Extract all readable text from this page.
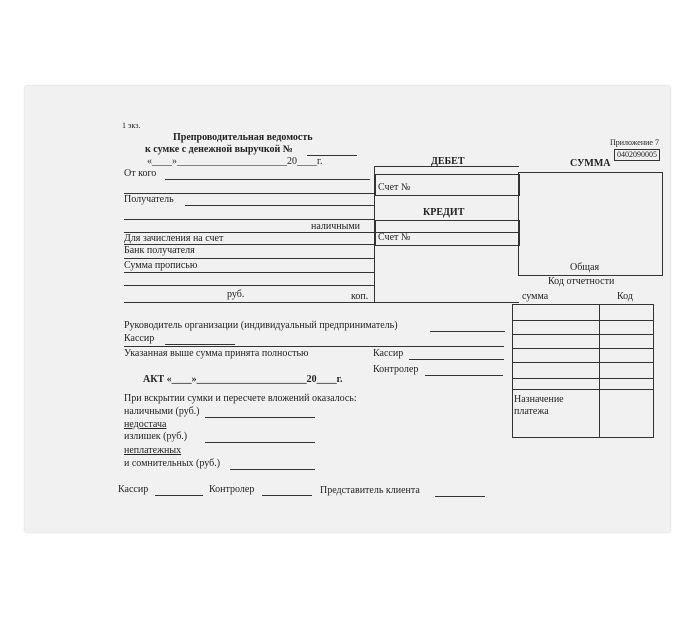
1 экз.
Препроводительная ведомость
к сумке с денежной выручкой №
«____»______________________20____г.
Приложение 7
0402090005
От кого
Получатель
наличными
Для зачисления на счет
Банк получателя
Сумма прописью
руб.	коп.
ДЕБЕТ	СУММА
Счет №
КРЕДИТ
Счет №
Общая
Код отчетности
сумма	Код
Назначение
платежа
Руководитель организации (индивидуальный предприниматель)
Кассир
Указанная выше сумма принята полностью	Кассир
Контролер
АКТ «____»______________________20____г.
При вскрытии сумки и пересчете вложений оказалось:
наличными (руб.)
недостача
излишек (руб.)
неплатежных
и сомнительных (руб.)
Кассир	Контролер	Представитель клиента
